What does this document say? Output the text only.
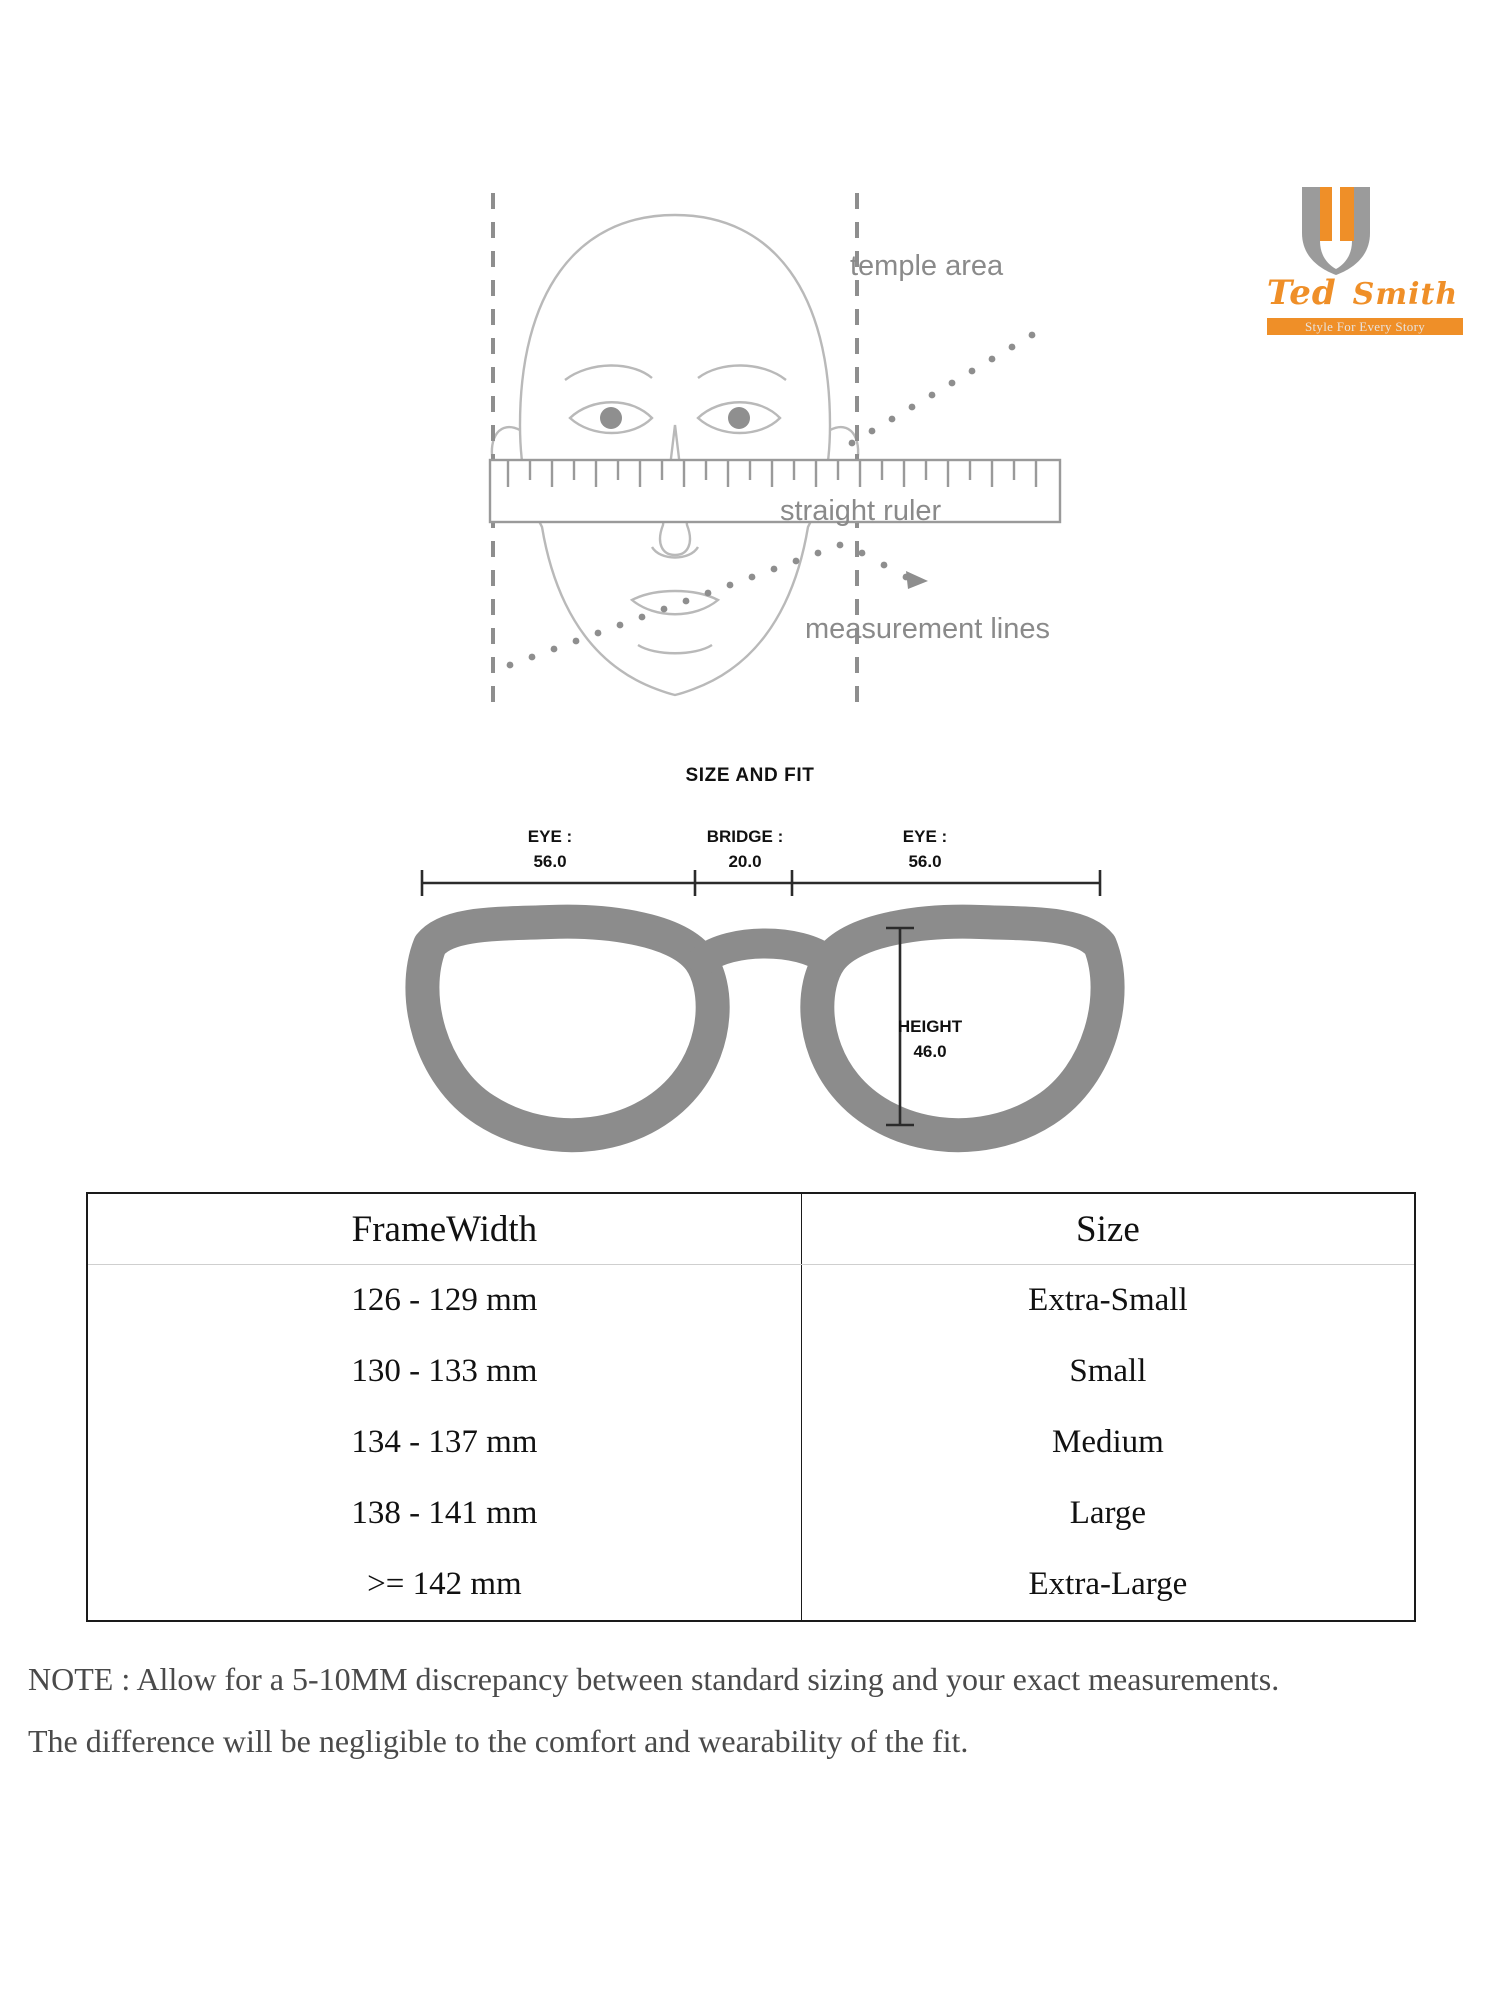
Ted Smith
Style For Every Story
temple area
straight ruler
measurement lines
SIZE AND FIT
EYE :
56.0
BRIDGE :
20.0
EYE :
56.0
HEIGHT
46.0
FrameWidth	Size
126 - 129 mm	Extra-Small
130 - 133 mm	Small
134 - 137 mm	Medium
138 - 141 mm	Large
>= 142 mm	Extra-Large

NOTE : Allow for a 5-10MM discrepancy between standard sizing and your exact measurements.

The difference will be negligible to the comfort and wearability of the fit.
